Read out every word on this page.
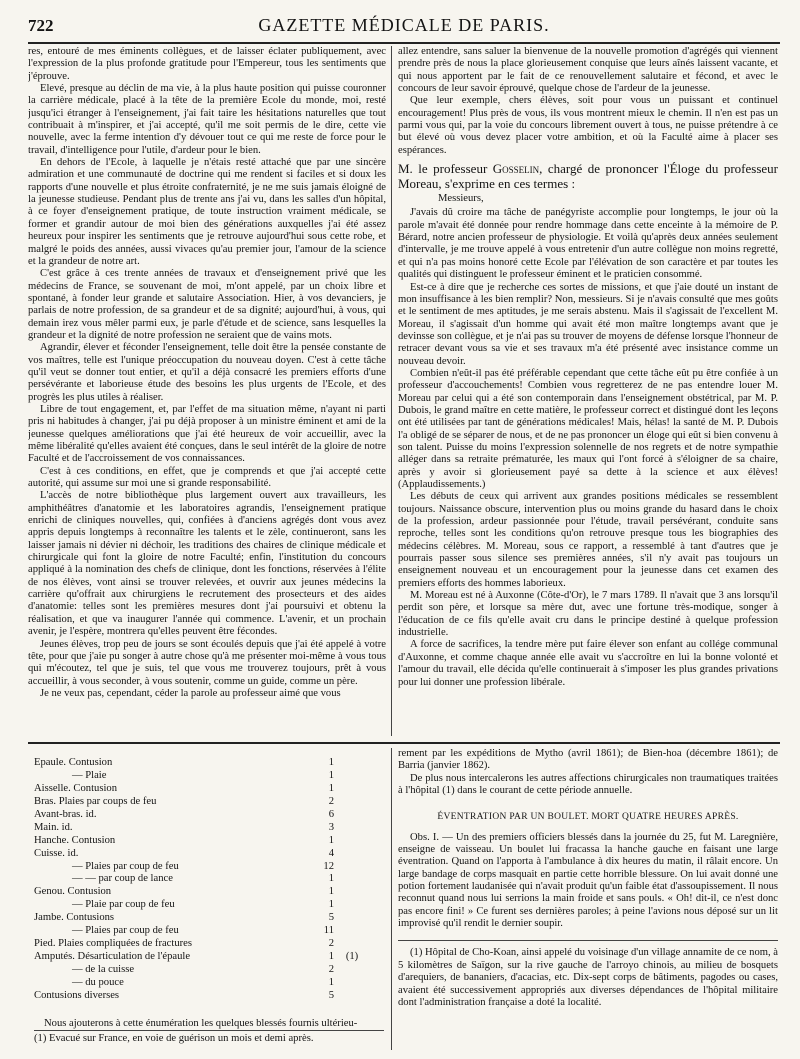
722	GAZETTE MÉDICALE DE PARIS.

res, entouré de mes éminents collègues, et de laisser éclater publiquement, avec l'expression de la plus profonde gratitude pour l'Empereur, tous les sentiments que j'éprouve.

Elevé, presque au déclin de ma vie, à la plus haute position qui puisse couronner la carrière médicale, placé à la tête de la première Ecole du monde, moi, resté jusqu'ici étranger à l'enseignement, j'ai fait taire les hésitations naturelles que tout contribuait à m'inspirer, et j'ai accepté, qu'il me soit permis de le dire, cette vie nouvelle, avec la ferme intention d'y dévouer tout ce qui me reste de force pour le travail, d'intelligence pour l'utile, d'ardeur pour le bien.

En dehors de l'Ecole, à laquelle je n'étais resté attaché que par une sincère admiration et une communauté de doctrine qui me rendent si faciles et si doux les rapports d'une nouvelle et plus étroite confraternité, je ne me suis jamais éloigné de la jeunesse studieuse. Pendant plus de trente ans j'ai vu, dans les salles d'un hôpital, à ce foyer d'enseignement pratique, de toute instruction vraiment médicale, se former et grandir autour de moi bien des générations auxquelles j'ai été assez heureux pour inspirer les sentiments que je retrouve aujourd'hui sous cette robe, et malgré le poids des années, aussi vivaces qu'au premier jour, l'amour de la science et la grandeur de notre art.

C'est grâce à ces trente années de travaux et d'enseignement privé que les médecins de France, se souvenant de moi, m'ont appelé, par un choix libre et spontané, à fonder leur grande et salutaire Association. Hier, à vos devanciers, je parlais de notre profession, de sa grandeur et de sa dignité; aujourd'hui, à vous, qui demain irez vous mêler parmi eux, je parle d'étude et de science, sans lesquelles la grandeur et la dignité de notre profession ne seraient que de vains mots.

Agrandir, élever et féconder l'enseignement, telle doit être la pensée constante de vos maîtres, telle est l'unique préoccupation du nouveau doyen. C'est à cette tâche qu'il veut se donner tout entier, et qu'il a déjà consacré les premiers efforts d'une persévérante et laborieuse étude des besoins les plus urgents de l'Ecole, et des progrès les plus utiles à réaliser.

Libre de tout engagement, et, par l'effet de ma situation même, n'ayant ni parti pris ni habitudes à changer, j'ai pu déjà proposer à un ministre éminent et ami de la jeunesse quelques améliorations que j'ai été heureux de voir accueillir, avec la même libéralité qu'elles avaient été conçues, dans le seul intérêt de la gloire de notre Faculté et de l'accroissement de vos connaissances.

C'est à ces conditions, en effet, que je comprends et que j'ai accepté cette autorité, qui assume sur moi une si grande responsabilité.

L'accès de notre bibliothèque plus largement ouvert aux travailleurs, les amphithéâtres d'anatomie et les laboratoires agrandis, l'enseignement pratique enrichi de cliniques nouvelles, qui, confiées à d'anciens agrégés dont vous avez appris depuis longtemps à reconnaître les talents et le zèle, continueront, sans les laisser jamais ni dévier ni déchoir, les traditions des chaires de clinique médicale et chirurgicale qui font la gloire de notre Faculté; enfin, l'institution du concours appliqué à la nomination des chefs de clinique, dont les fonctions, réservées à l'élite de nos élèves, vont ainsi se trouver relevées, et ouvrir aux jeunes médecins la carrière qu'offrait aux chirurgiens le recrutement des prosecteurs et des aides d'anatomie: telles sont les premières mesures dont j'ai poursuivi et obtenu la réalisation, et que va inaugurer l'année qui commence. L'avenir, et un prochain avenir, je l'espère, montrera qu'elles peuvent être fécondes.

Jeunes élèves, trop peu de jours se sont écoulés depuis que j'ai été appelé à votre tête, pour que j'aie pu songer à autre chose qu'à me présenter moi-même à vous tous qui m'écoutez, tel que je suis, tel que vous me trouverez toujours, prêt à vous accueillir, à vous seconder, à vous soutenir, comme un guide, comme un père.

Je ne veux pas, cependant, céder la parole au professeur aimé que vous

allez entendre, sans saluer la bienvenue de la nouvelle promotion d'agrégés qui viennent prendre près de nous la place glorieusement conquise que leurs aînés laissent vacante, et qui nous apportent par le fait de ce renouvellement salutaire et fécond, et avec le concours de leur savoir éprouvé, quelque chose de l'ardeur de la jeunesse.

Que leur exemple, chers élèves, soit pour vous un puissant et continuel encouragement! Plus près de vous, ils vous montrent mieux le chemin. Il n'en est pas un parmi vous qui, par la voie du concours librement ouvert à tous, ne puisse prétendre à ce but élevé où vous devez placer votre ambition, et où la Faculté aime à placer ses espérances.

M. le professeur Gosselin, chargé de prononcer l'Éloge du professeur Moreau, s'exprime en ces termes :

Messieurs,

J'avais dû croire ma tâche de panégyriste accomplie pour longtemps, le jour où la parole m'avait été donnée pour rendre hommage dans cette enceinte à la mémoire de P. Bérard, notre ancien professeur de physiologie. Et voilà qu'après deux années seulement d'intervalle, je me trouve appelé à vous entretenir d'un autre collègue non moins regretté, et qui n'a pas moins honoré cette Ecole par l'élévation de son caractère et par toutes les qualités qui distinguent le professeur éminent et le praticien consommé.

Est-ce à dire que je recherche ces sortes de missions, et que j'aie douté un instant de mon insuffisance à les bien remplir? Non, messieurs. Si je n'avais consulté que mes goûts et le sentiment de mes aptitudes, je me serais abstenu. Mais il s'agissait de l'excellent M. Moreau, il s'agissait d'un homme qui avait été mon maître longtemps avant que je devinsse son collègue, et je n'ai pas su trouver de moyens de défense lorsque l'honneur de retracer devant vous sa vie et ses travaux m'a été présenté avec insistance comme un nouveau devoir.

Combien n'eût-il pas été préférable cependant que cette tâche eût pu être confiée à un professeur d'accouchements! Combien vous regretterez de ne pas entendre louer M. Moreau par celui qui a été son contemporain dans l'enseignement obstétrical, par M. P. Dubois, le grand maître en cette matière, le professeur correct et distingué dont les leçons ont été utilisées par tant de générations médicales! Mais, hélas! la santé de M. P. Dubois l'a obligé de se séparer de nous, et de ne pas prononcer un éloge qui eût si bien convenu à son talent. Puisse du moins l'expression solennelle de nos regrets et de notre sympathie alléger dans sa retraite prématurée, les maux qui l'ont forcé à s'éloigner de sa chaire, après y avoir si glorieusement payé sa dette à la science et aux élèves! (Applaudissements.)

Les débuts de ceux qui arrivent aux grandes positions médicales se ressemblent toujours. Naissance obscure, intervention plus ou moins grande du hasard dans le choix de la profession, ardeur passionnée pour l'étude, travail persévérant, conduite sans reproche, telles sont les conditions qu'on retrouve presque tous les biographies des médecins célèbres. M. Moreau, sous ce rapport, a ressemblé à tant d'autres que je pourrais passer sous silence ses premières années, s'il n'y avait pas toujours un enseignement nouveau et un encouragement pour la jeunesse dans cet examen des premiers efforts des hommes laborieux.

M. Moreau est né à Auxonne (Côte-d'Or), le 7 mars 1789. Il n'avait que 3 ans lorsqu'il perdit son père, et lorsque sa mère dut, avec une fortune très-modique, songer à l'éducation de ce fils qu'elle avait cru dans le principe destiné à quelque profession industrielle.

A force de sacrifices, la tendre mère put faire élever son enfant au collége communal d'Auxonne, et comme chaque année elle avait vu s'accroître en lui la bonne volonté et l'amour du travail, elle décida qu'elle continuerait à s'imposer les plus grandes privations pour lui donner une profession libérale.

Epaule. Contusion	1
— Plaie	1
Aisselle. Contusion	1
Bras. Plaies par coups de feu	2
Avant-bras. id.	6
Main. id.	3
Hanche. Contusion	1
Cuisse. id.	4
— Plaies par coup de feu	12
— — par coup de lance	1
Genou. Contusion	1
— Plaie par coup de feu	1
Jambe. Contusions	5
— Plaies par coup de feu	11
Pied. Plaies compliquées de fractures	2
Amputés. Désarticulation de l'épaule	1	(1)
— de la cuisse	2
— du pouce	1
Contusions diverses	5
Nous ajouterons à cette énumération les quelques blessés fournis ultérieu-
(1) Evacué sur France, en voie de guérison un mois et demi après.

rement par les expéditions de Mytho (avril 1861); de Bien-hoa (décembre 1861); de Barria (janvier 1862).

De plus nous intercalerons les autres affections chirurgicales non traumatiques traitées à l'hôpital (1) dans le courant de cette période annuelle.

ÉVENTRATION PAR UN BOULET. MORT QUATRE HEURES APRÈS.

Obs. I. — Un des premiers officiers blessés dans la journée du 25, fut M. Laregnière, enseigne de vaisseau. Un boulet lui fracassa la hanche gauche en faisant une large éventration. Quand on l'apporta à l'ambulance à dix heures du matin, il râlait encore. Un large bandage de corps masquait en partie cette horrible blessure. On lui avait donné une potion fortement laudanisée qui n'avait produit qu'un faible état d'assoupissement. Il nous reconnut quand nous lui serrions la main froide et sans pouls. « Oh! dit-il, ce n'est donc pas encore fini! » Ce furent ses dernières paroles; à peine l'avions nous déposé sur un lit improvisé qu'il rendit le dernier soupir.

(1) Hôpital de Cho-Koan, ainsi appelé du voisinage d'un village annamite de ce nom, à 5 kilomètres de Saïgon, sur la rive gauche de l'arroyo chinois, au milieu de bosquets d'arequiers, de bananiers, d'acacias, etc. Dix-sept corps de bâtiments, pagodes ou cases, avaient été successivement appropriés aux diverses dépendances de l'hôpital militaire dont l'administration française a doté la localité.
